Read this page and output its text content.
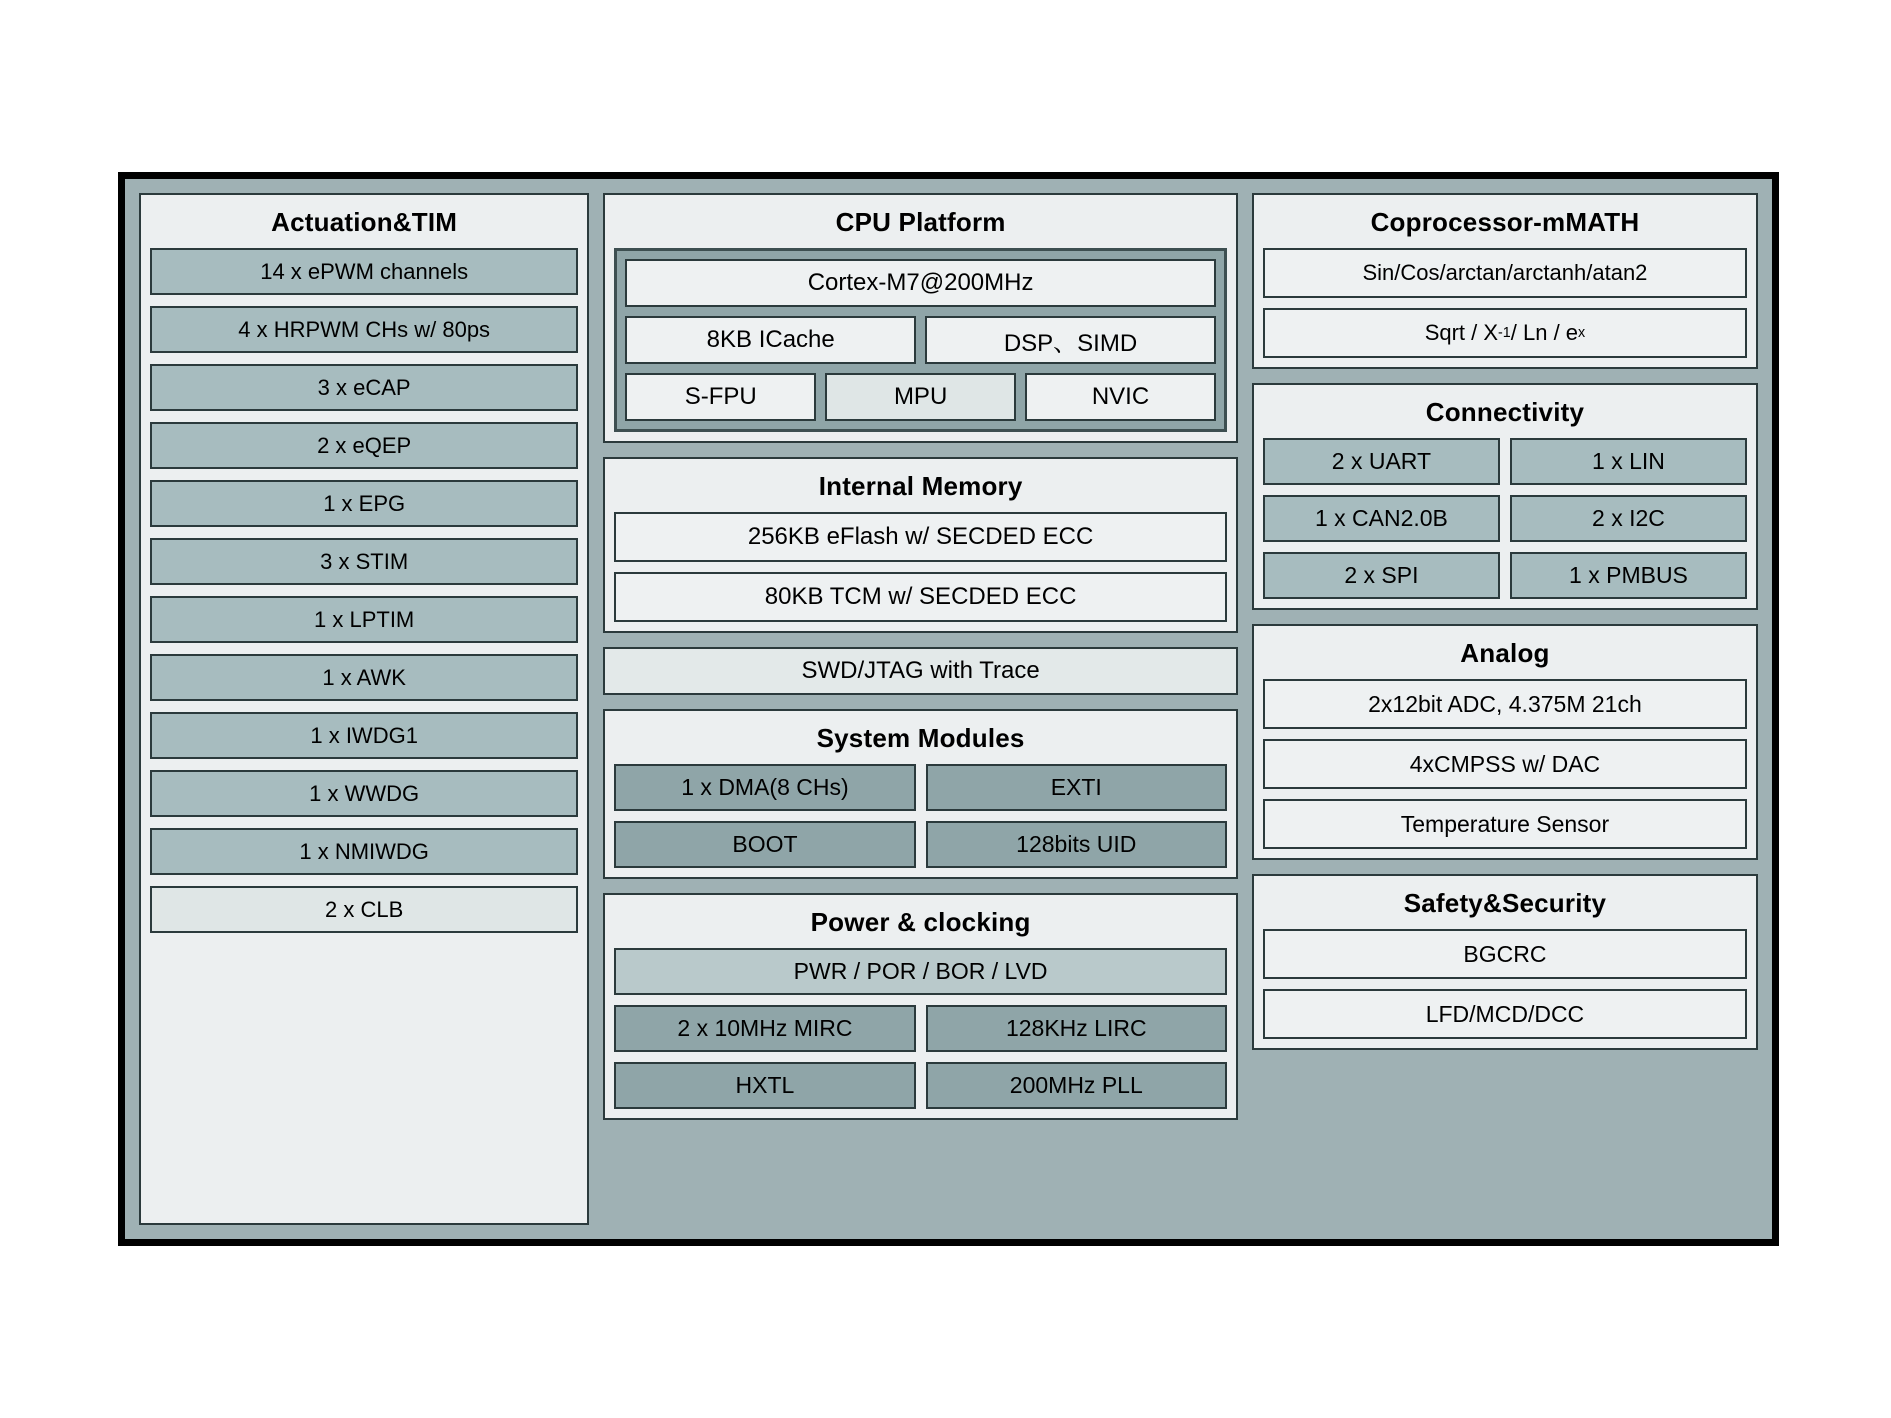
Actuation&TIM
14 x ePWM channels
4 x HRPWM CHs w/ 80ps
3 x eCAP
2 x eQEP
1 x EPG
3 x STIM
1 x LPTIM
1 x AWK
1 x IWDG1
1 x WWDG
1 x NMIWDG
2 x CLB
CPU Platform
Cortex-M7@200MHz
8KB ICache	DSP、SIMD
S-FPU	MPU	NVIC
Internal Memory
256KB eFlash w/ SECDED ECC
80KB TCM w/ SECDED ECC
SWD/JTAG with Trace
System Modules
1 x DMA(8 CHs)	EXTI
BOOT	128bits UID
Power & clocking
PWR / POR / BOR / LVD
2 x 10MHz MIRC	128KHz LIRC
HXTL	200MHz PLL
Coprocessor-mMATH
Sin/Cos/arctan/arctanh/atan2
Sqrt / X -1 / Ln / e x
Connectivity
2 x UART	1 x LIN
1 x CAN2.0B	2 x I2C
2 x SPI	1 x PMBUS
Analog
2x12bit ADC, 4.375M 21ch
4xCMPSS w/ DAC
Temperature Sensor
Safety&Security
BGCRC
LFD/MCD/DCC
